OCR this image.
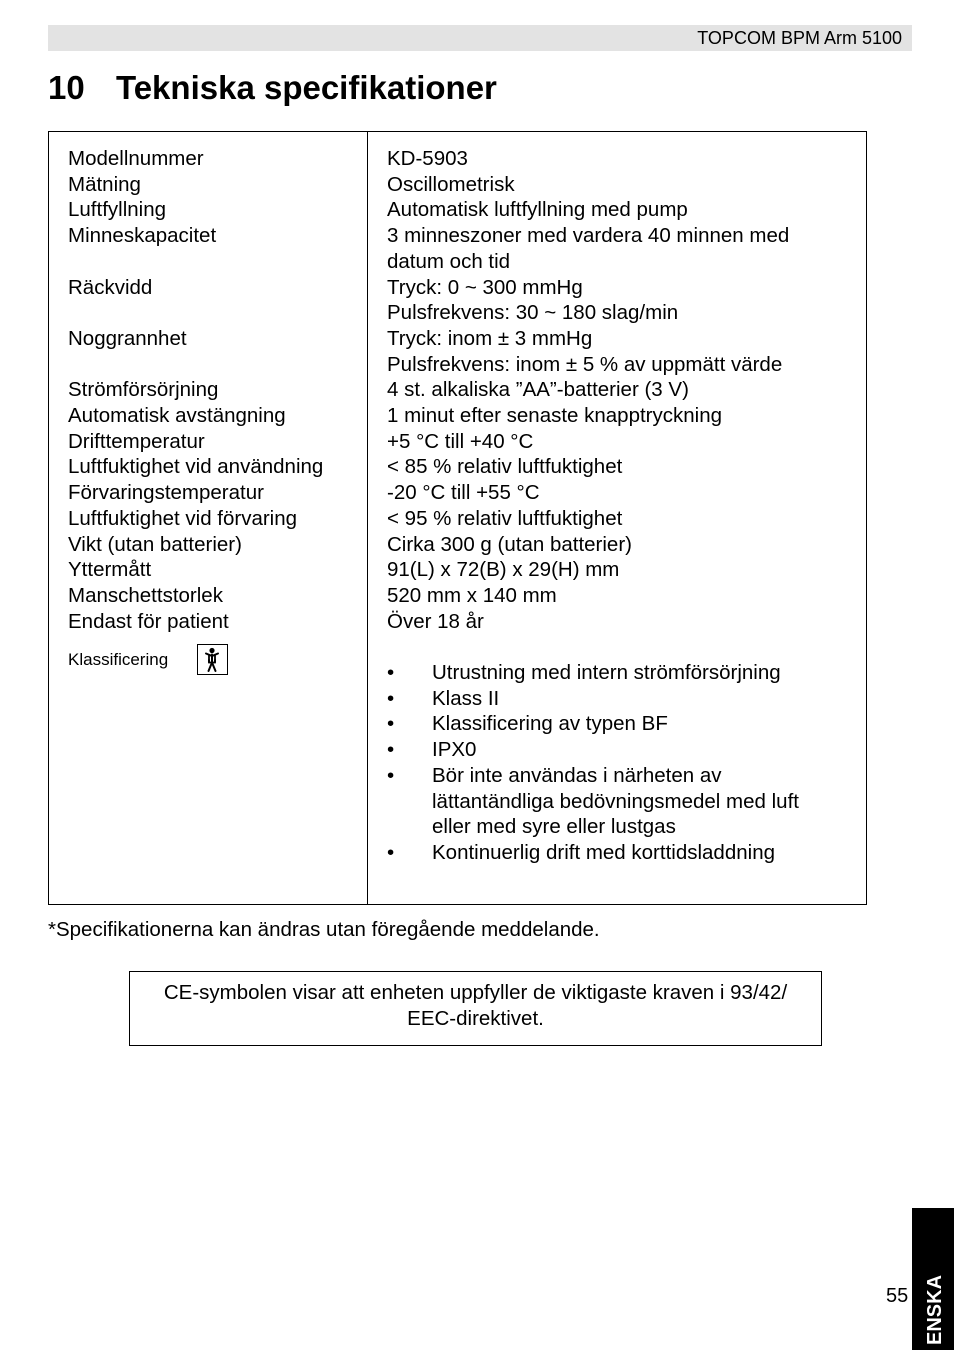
TOPCOM BPM Arm 5100
10 Tekniska specifikationer
Modellnummer
Mätning
Luftfyllning
Minneskapacitet
Räckvidd
Noggrannhet
Strömförsörjning
Automatisk avstängning
Drifttemperatur
Luftfuktighet vid användning
Förvaringstemperatur
Luftfuktighet vid förvaring
Vikt (utan batterier)
Yttermått
Manschettstorlek
Endast för patient
Klassificering
KD-5903
Oscillometrisk
Automatisk luftfyllning med pump
3 minneszoner med vardera 40 minnen med
datum och tid
Tryck: 0 ~ 300 mmHg
Pulsfrekvens: 30 ~ 180 slag/min
Tryck: inom ± 3 mmHg
Pulsfrekvens: inom ± 5 % av uppmätt värde
4 st. alkaliska ”AA”-batterier (3 V)
1 minut efter senaste knapptryckning
+5 °C till +40 °C
< 85 % relativ luftfuktighet
-20 °C till +55 °C
< 95 % relativ luftfuktighet
Cirka 300 g (utan batterier)
91(L) x 72(B) x 29(H) mm
520 mm x 140 mm
Över 18 år
• Utrustning med intern strömförsörjning
• Klass II
• Klassificering av typen BF
• IPX0
• Bör inte användas i närheten av
lättantändliga bedövningsmedel med luft
eller med syre eller lustgas
• Kontinuerlig drift med korttidsladdning
*Specifikationerna kan ändras utan föregående meddelande.
CE-symbolen visar att enheten uppfyller de viktigaste kraven i 93/42/
EEC-direktivet.
55 ENSKA
